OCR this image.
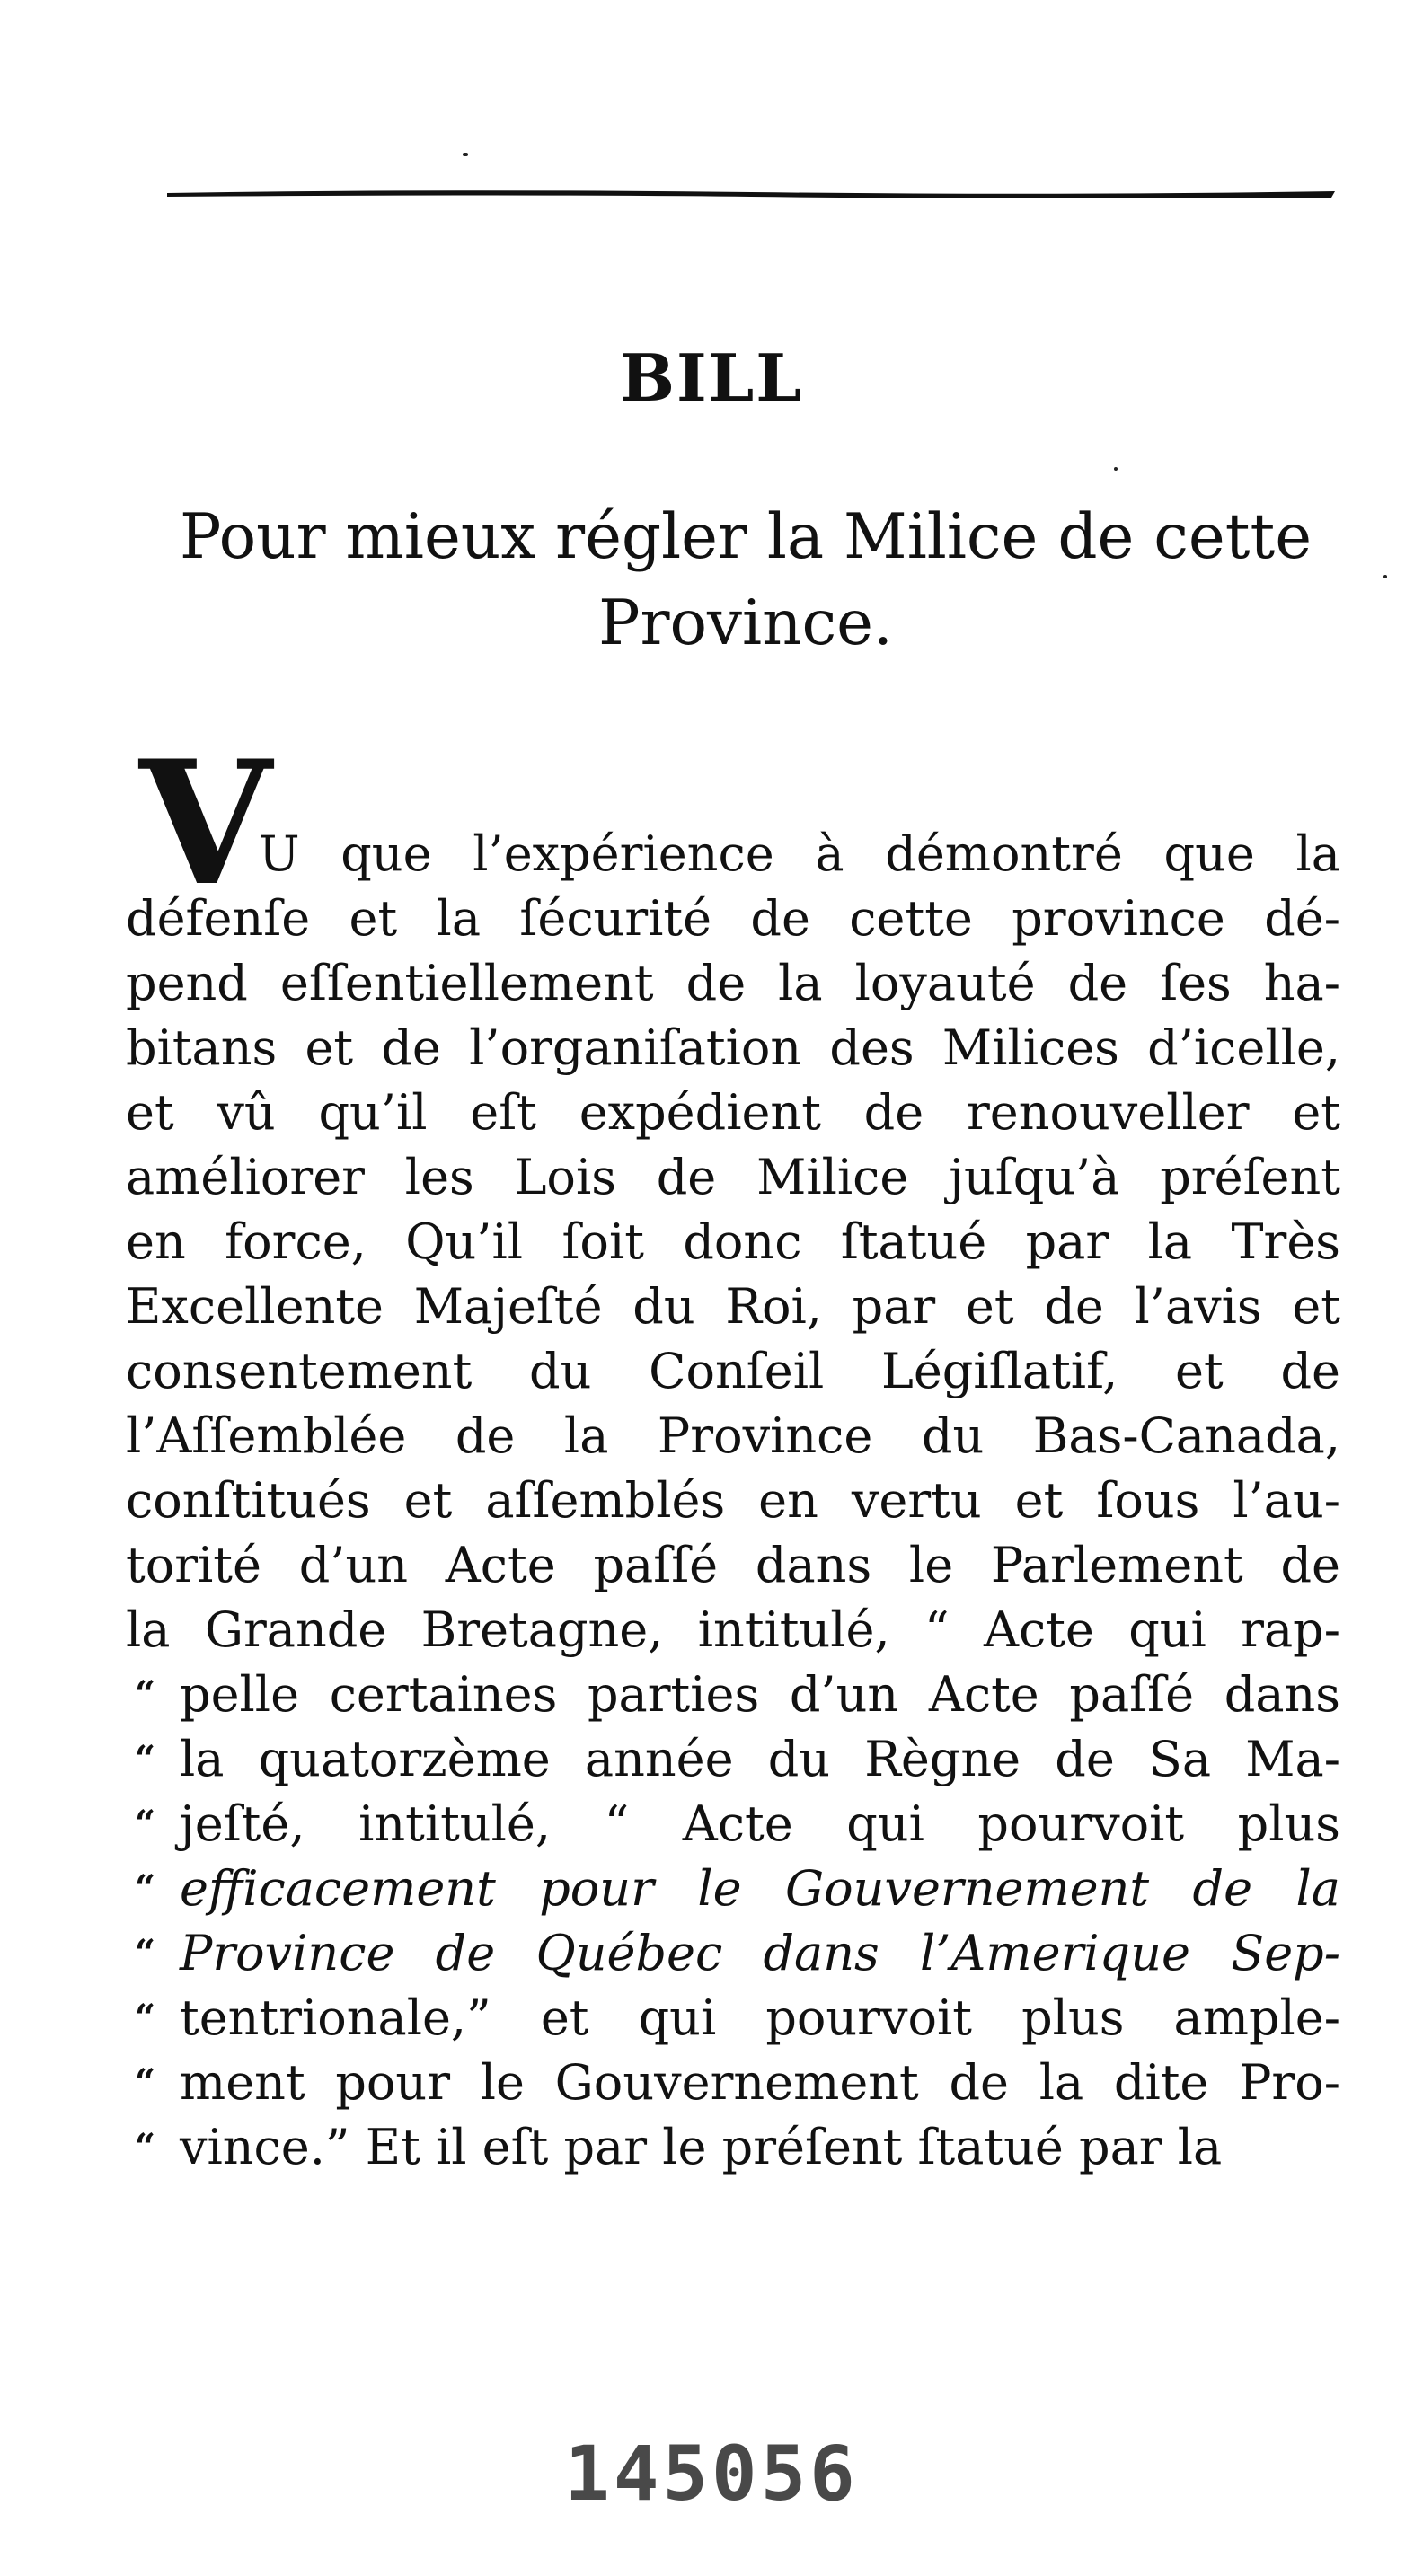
BILL
Pour mieux régler la Milice de cette
Province.
V
U que l’expérience à démontré que la
défenſe et la ſécurité de cette province dé-
pend eſſentiellement de la loyauté de ſes ha-
bitans et de l’organiſation des Milices d’icelle,
et vû qu’il eſt expédient de renouveller et
améliorer les Lois de Milice juſqu’à préſent
en force, Qu’il ſoit donc ſtatué par la Très
Excellente Majeſté du Roi, par et de l’avis et
consentement du Conſeil Légiſlatif, et de
l’Aſſemblée de la Province du Bas-Canada,
conſtitués et aſſemblés en vertu et ſous l’au-
torité d’un Acte paſſé dans le Parlement de
la Grande Bretagne, intitulé, “ Acte qui rap-
pelle certaines parties d’un Acte paſſé dans
la quatorzème année du Règne de Sa Ma-
jeſté, intitulé, “ Acte qui pourvoit plus
efficacement pour le Gouvernement de la
Province de Québec dans l’Amerique Sep-
tentrionale,” et qui pourvoit plus ample-
ment pour le Gouvernement de la dite Pro-
vince.” Et il eſt par le préſent ſtatué par la
“
“
“
“
“
“
“
“
145056
